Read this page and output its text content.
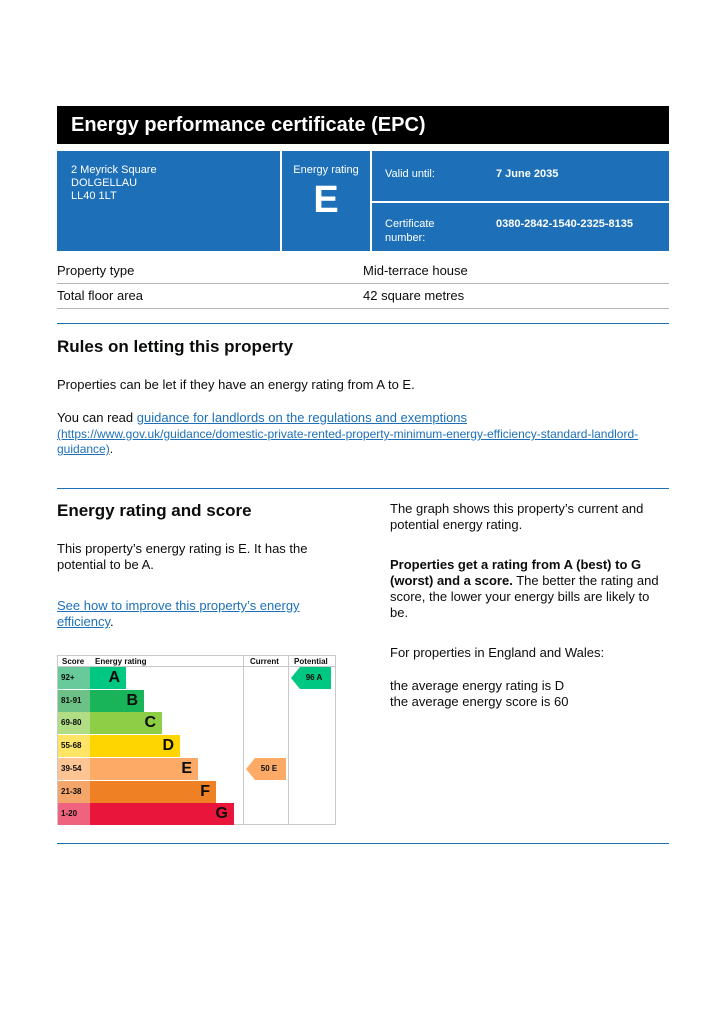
Energy performance certificate (EPC)
2 Meyrick Square
DOLGELLAU
LL40 1LT
Energy rating
E
Valid until:	7 June 2035
Certificate
number:
0380-2842-1540-2325-8135
Property type	Mid-terrace house
Total floor area	42 square metres
Rules on letting this property
Properties can be let if they have an energy rating from A to E.
You can read guidance for landlords on the regulations and exemptions
(https://www.gov.uk/guidance/domestic-private-rented-property-minimum-energy-efficiency-standard-landlord-
guidance).
Energy rating and score
This property’s energy rating is E. It has the potential to be A.
See how to improve this property’s energy efficiency.
The graph shows this property’s current and potential energy rating.
Properties get a rating from A (best) to G (worst) and a score. The better the rating and score, the lower your energy bills are likely to be.
For properties in England and Wales:
the average energy rating is D
the average energy score is 60
Score Energy rating	Current Potential
92+	A
81-91	B
69-80	C
55-68	D
39-54	E
21-38	F
1-20	G
50 E
96 A
